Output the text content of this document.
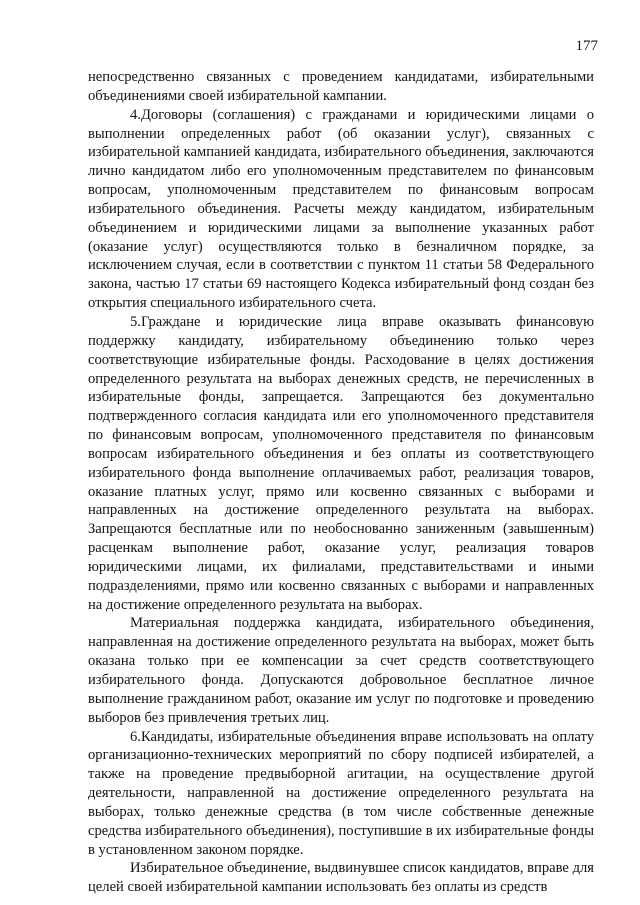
177

непосредственно связанных с проведением кандидатами, избирательными объединениями своей избирательной кампании.

4.Договоры (соглашения) с гражданами и юридическими лицами о выполнении определенных работ (об оказании услуг), связанных с избирательной кампанией кандидата, избирательного объединения, заключаются лично кандидатом либо его уполномоченным представителем по финансовым вопросам, уполномоченным представителем по финансовым вопросам избирательного объединения. Расчеты между кандидатом, избирательным объединением и юридическими лицами за выполнение указанных работ (оказание услуг) осуществляются только в безналичном порядке, за исключением случая, если в соответствии с пунктом 11 статьи 58 Федерального закона, частью 17 статьи 69 настоящего Кодекса избирательный фонд создан без открытия специального избирательного счета.

5.Граждане и юридические лица вправе оказывать финансовую поддержку кандидату, избирательному объединению только через соответствующие избирательные фонды. Расходование в целях достижения определенного результата на выборах денежных средств, не перечисленных в избирательные фонды, запрещается. Запрещаются без документально подтвержденного согласия кандидата или его уполномоченного представителя по финансовым вопросам, уполномоченного представителя по финансовым вопросам избирательного объединения и без оплаты из соответствующего избирательного фонда выполнение оплачиваемых работ, реализация товаров, оказание платных услуг, прямо или косвенно связанных с выборами и направленных на достижение определенного результата на выборах. Запрещаются бесплатные или по необоснованно заниженным (завышенным) расценкам выполнение работ, оказание услуг, реализация товаров юридическими лицами, их филиалами, представительствами и иными подразделениями, прямо или косвенно связанных с выборами и направленных на достижение определенного результата на выборах.

Материальная поддержка кандидата, избирательного объединения, направленная на достижение определенного результата на выборах, может быть оказана только при ее компенсации за счет средств соответствующего избирательного фонда. Допускаются добровольное бесплатное личное выполнение гражданином работ, оказание им услуг по подготовке и проведению выборов без привлечения третьих лиц.

6.Кандидаты, избирательные объединения вправе использовать на оплату организационно-технических мероприятий по сбору подписей избирателей, а также на проведение предвыборной агитации, на осуществление другой деятельности, направленной на достижение определенного результата на выборах, только денежные средства (в том числе собственные денежные средства избирательного объединения), поступившие в их избирательные фонды в установленном законом порядке.

Избирательное объединение, выдвинувшее список кандидатов, вправе для целей своей избирательной кампании использовать без оплаты из средств
